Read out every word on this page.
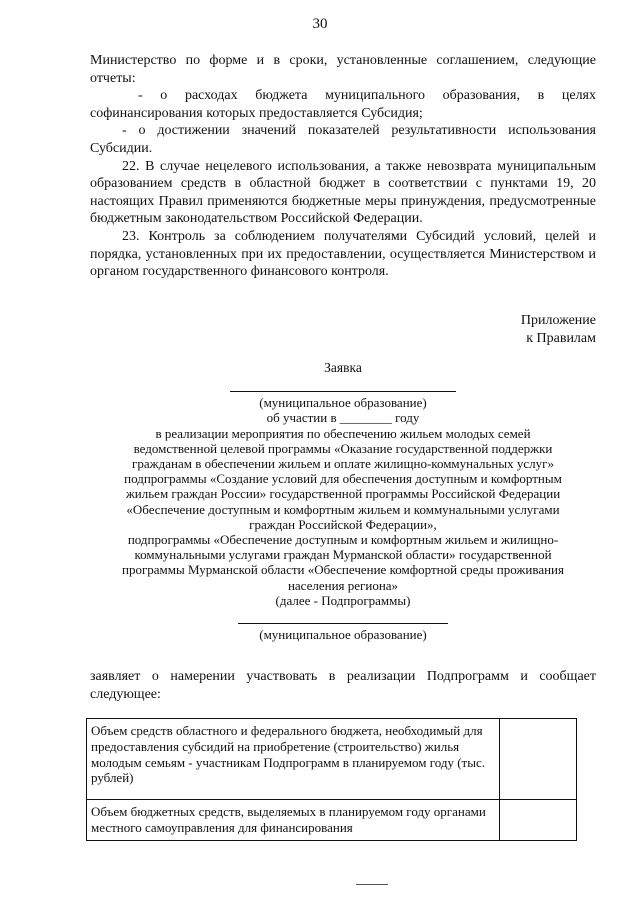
30

Министерство по форме и в сроки, установленные соглашением, следующие отчеты:

- о расходах бюджета муниципального образования, в целях софинансирования которых предоставляется Субсидия;

- о достижении значений показателей результативности использования Субсидии.

22. В случае нецелевого использования, а также невозврата муниципальным образованием средств в областной бюджет в соответствии с пунктами 19, 20 настоящих Правил применяются бюджетные меры принуждения, предусмотренные бюджетным законодательством Российской Федерации.

23. Контроль за соблюдением получателями Субсидий условий, целей и порядка, установленных при их предоставлении, осуществляется Министерством и органом государственного финансового контроля.

Приложение
к Правилам
Заявка
(муниципальное образование)
об участии в ________ году
в реализации мероприятия по обеспечению жильем молодых семей
ведомственной целевой программы «Оказание государственной поддержки
гражданам в обеспечении жильем и оплате жилищно-коммунальных услуг»
подпрограммы «Создание условий для обеспечения доступным и комфортным
жильем граждан России» государственной программы Российской Федерации
«Обеспечение доступным и комфортным жильем и коммунальными услугами
граждан Российской Федерации»,
подпрограммы «Обеспечение доступным и комфортным жильем и жилищно-
коммунальными услугами граждан Мурманской области» государственной
программы Мурманской области «Обеспечение комфортной среды проживания
населения региона»
(далее - Подпрограммы)
(муниципальное образование)
заявляет о намерении участвовать в реализации Подпрограмм и сообщает следующее:
Объем средств областного и федерального бюджета, необходимый для предоставления субсидий на приобретение (строительство) жилья молодым семьям - участникам Подпрограмм в планируемом году (тыс. рублей)	
Объем бюджетных средств, выделяемых в планируемом году органами местного самоуправления для финансирования	
